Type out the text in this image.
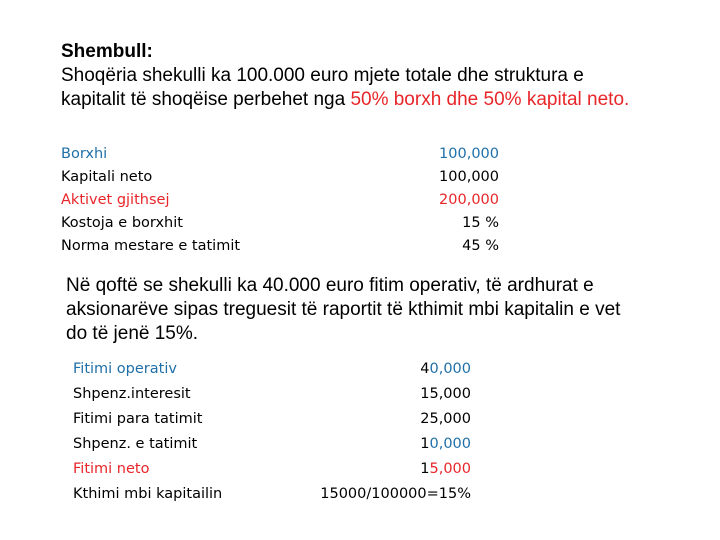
Shembull:
Shoqëria shekulli ka 100.000 euro mjete totale dhe struktura e
kapitalit të shoqëise perbehet nga 50% borxh dhe 50% kapital neto.
Borxhi	100,000
Kapitali neto	100,000
Aktivet gjithsej	200,000
Kostoja e borxhit	15 %
Norma mestare e tatimit	45 %
Në qoftë se shekulli ka 40.000 euro fitim operativ, të ardhurat e
aksionarëve sipas treguesit të raportit të kthimit mbi kapitalin e vet
do të jenë 15%.
Fitimi operativ	40,000
Shpenz.interesit	15,000
Fitimi para tatimit	25,000
Shpenz. e tatimit	10,000
Fitimi neto	15,000
Kthimi mbi kapitailin	15000/100000=15%
